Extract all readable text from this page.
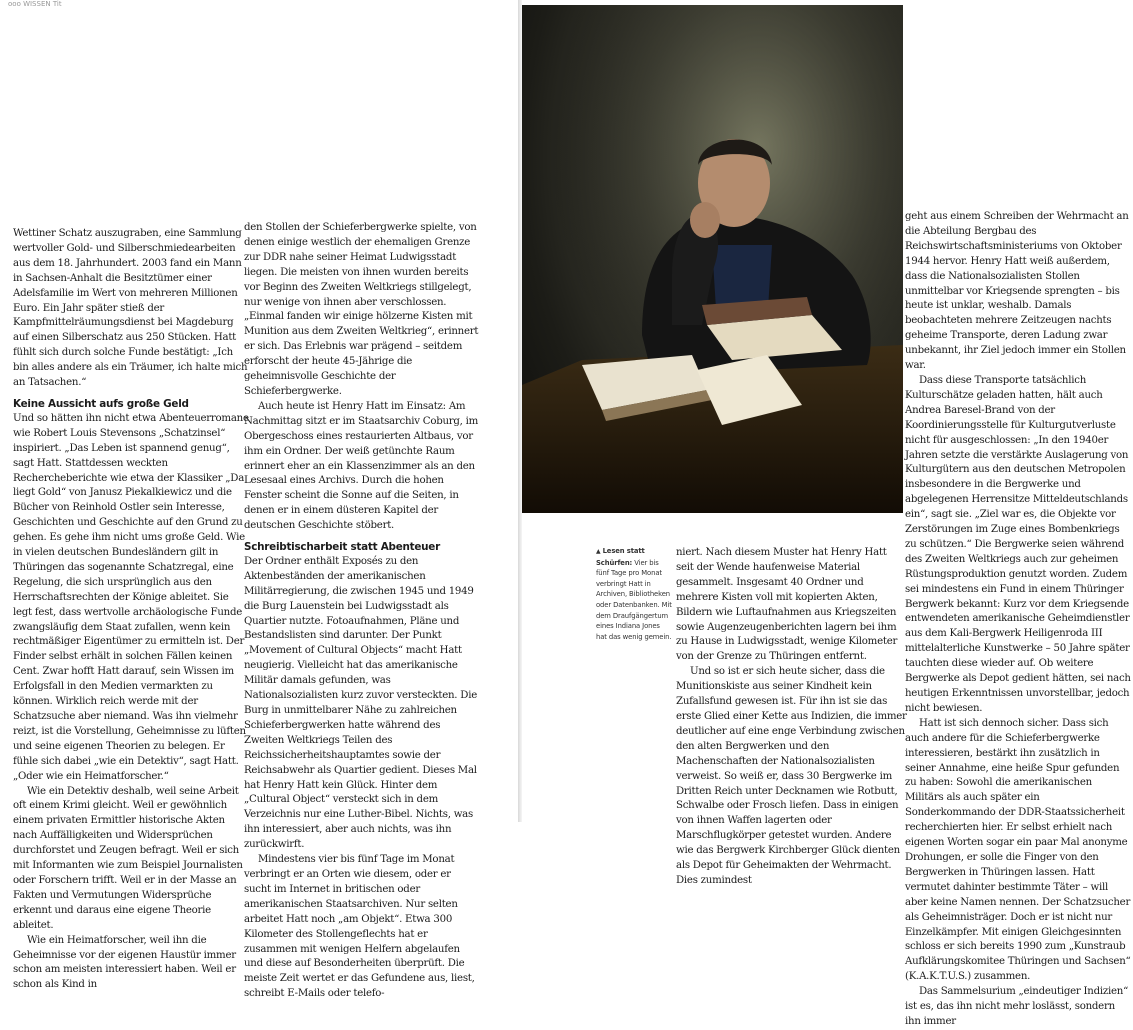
ooo WISSEN Tit

Wettiner Schatz auszugraben, eine Sammlung wertvoller Gold- und Silberschmiedearbeiten aus dem 18. Jahrhundert. 2003 fand ein Mann in Sachsen-Anhalt die Besitztümer einer Adelsfamilie im Wert von mehreren Millionen Euro. Ein Jahr später stieß der Kampfmittelräumungsdienst bei Magdeburg auf einen Silberschatz aus 250 Stücken. Hatt fühlt sich durch solche Funde bestätigt: „Ich bin alles andere als ein Träumer, ich halte mich an Tatsachen.“

Keine Aussicht aufs große Geld

Und so hätten ihn nicht etwa Abenteuerromane wie Robert Louis Stevensons „Schatzinsel“ inspiriert. „Das Leben ist spannend genug“, sagt Hatt. Stattdessen weckten Rechercheberichte wie etwa der Klassiker „Da liegt Gold“ von Janusz Piekalkiewicz und die Bücher von Reinhold Ostler sein Interesse, Geschichten und Geschichte auf den Grund zu gehen. Es gehe ihm nicht ums große Geld. Wie in vielen deutschen Bundesländern gilt in Thüringen das sogenannte Schatzregal, eine Regelung, die sich ursprünglich aus den Herrschaftsrechten der Könige ableitet. Sie legt fest, dass wertvolle archäologische Funde zwangsläufig dem Staat zufallen, wenn kein rechtmäßiger Eigentümer zu ermitteln ist. Der Finder selbst erhält in solchen Fällen keinen Cent. Zwar hofft Hatt darauf, sein Wissen im Erfolgsfall in den Medien vermarkten zu können. Wirklich reich werde mit der Schatzsuche aber niemand. Was ihn vielmehr reizt, ist die Vorstellung, Geheimnisse zu lüften und seine eigenen Theorien zu belegen. Er fühle sich dabei „wie ein Detektiv“, sagt Hatt. „Oder wie ein Heimatforscher.“

Wie ein Detektiv deshalb, weil seine Arbeit oft einem Krimi gleicht. Weil er gewöhnlich einem privaten Ermittler historische Akten nach Auffälligkeiten und Widersprüchen durchforstet und Zeugen befragt. Weil er sich mit Informanten wie zum Beispiel Journalisten oder Forschern trifft. Weil er in der Masse an Fakten und Vermutungen Widersprüche erkennt und daraus eine eigene Theorie ableitet.

Wie ein Heimatforscher, weil ihn die Geheimnisse vor der eigenen Haustür immer schon am meisten interessiert haben. Weil er schon als Kind in

den Stollen der Schieferbergwerke spielte, von denen einige westlich der ehemaligen Grenze zur DDR nahe seiner Heimat Ludwigsstadt liegen. Die meisten von ihnen wurden bereits vor Beginn des Zweiten Weltkriegs stillgelegt, nur wenige von ihnen aber verschlossen. „Einmal fanden wir einige hölzerne Kisten mit Munition aus dem Zweiten Weltkrieg“, erinnert er sich. Das Erlebnis war prägend – seitdem erforscht der heute 45-Jährige die geheimnisvolle Geschichte der Schieferbergwerke.

Auch heute ist Henry Hatt im Einsatz: Am Nachmittag sitzt er im Staatsarchiv Coburg, im Obergeschoss eines restaurierten Altbaus, vor ihm ein Ordner. Der weiß getünchte Raum erinnert eher an ein Klassenzimmer als an den Lesesaal eines Archivs. Durch die hohen Fenster scheint die Sonne auf die Seiten, in denen er in einem düsteren Kapitel der deutschen Geschichte stöbert.

Schreibtischarbeit statt Abenteuer

Der Ordner enthält Exposés zu den Aktenbeständen der amerikanischen Militärregierung, die zwischen 1945 und 1949 die Burg Lauenstein bei Ludwigsstadt als Quartier nutzte. Fotoaufnahmen, Pläne und Bestandslisten sind darunter. Der Punkt „Movement of Cultural Objects“ macht Hatt neugierig. Vielleicht hat das amerikanische Militär damals gefunden, was Nationalsozialisten kurz zuvor versteckten. Die Burg in unmittelbarer Nähe zu zahlreichen Schieferbergwerken hatte während des Zweiten Weltkriegs Teilen des Reichssicherheitshauptamtes sowie der Reichsabwehr als Quartier gedient. Dieses Mal hat Henry Hatt kein Glück. Hinter dem „Cultural Object“ versteckt sich in dem Verzeichnis nur eine Luther-Bibel. Nichts, was ihn interessiert, aber auch nichts, was ihn zurückwirft.

Mindestens vier bis fünf Tage im Monat verbringt er an Orten wie diesem, oder er sucht im Internet in britischen oder amerikanischen Staatsarchiven. Nur selten arbeitet Hatt noch „am Objekt“. Etwa 300 Kilometer des Stollengeflechts hat er zusammen mit wenigen Helfern abgelaufen und diese auf Besonderheiten überprüft. Die meiste Zeit wertet er das Gefundene aus, liest, schreibt E-Mails oder telefo-

▲ Lesen statt Schürfen: Vier bis fünf Tage pro Monat verbringt Hatt in Archiven, Bibliotheken oder Datenbanken. Mit dem Draufgängertum eines Indiana Jones hat das wenig gemein.

niert. Nach diesem Muster hat Henry Hatt seit der Wende haufenweise Material gesammelt. Insgesamt 40 Ordner und mehrere Kisten voll mit kopierten Akten, Bildern wie Luftaufnahmen aus Kriegszeiten sowie Augenzeugenberichten lagern bei ihm zu Hause in Ludwigsstadt, wenige Kilometer von der Grenze zu Thüringen entfernt.

Und so ist er sich heute sicher, dass die Munitionskiste aus seiner Kindheit kein Zufallsfund gewesen ist. Für ihn ist sie das erste Glied einer Kette aus Indizien, die immer deutlicher auf eine enge Verbindung zwischen den alten Bergwerken und den Machenschaften der Nationalsozialisten verweist. So weiß er, dass 30 Bergwerke im Dritten Reich unter Decknamen wie Rotbutt, Schwalbe oder Frosch liefen. Dass in einigen von ihnen Waffen lagerten oder Marschflugkörper getestet wurden. Andere wie das Bergwerk Kirchberger Glück dienten als Depot für Geheimakten der Wehrmacht. Dies zumindest

geht aus einem Schreiben der Wehrmacht an die Abteilung Bergbau des Reichswirtschaftsministeriums von Oktober 1944 hervor. Henry Hatt weiß außerdem, dass die Nationalsozialisten Stollen unmittelbar vor Kriegsende sprengten – bis heute ist unklar, weshalb. Damals beobachteten mehrere Zeitzeugen nachts geheime Transporte, deren Ladung zwar unbekannt, ihr Ziel jedoch immer ein Stollen war.

Dass diese Transporte tatsächlich Kulturschätze geladen hatten, hält auch Andrea Baresel-Brand von der Koordinierungsstelle für Kulturgutverluste nicht für ausgeschlossen: „In den 1940er Jahren setzte die verstärkte Auslagerung von Kulturgütern aus den deutschen Metropolen insbesondere in die Bergwerke und abgelegenen Herrensitze Mitteldeutschlands ein“, sagt sie. „Ziel war es, die Objekte vor Zerstörungen im Zuge eines Bombenkriegs zu schützen.“ Die Bergwerke seien während des Zweiten Weltkriegs auch zur geheimen Rüstungsproduktion genutzt worden. Zudem sei mindestens ein Fund in einem Thüringer Bergwerk bekannt: Kurz vor dem Kriegsende entwendeten amerikanische Geheimdienstler aus dem Kali-Bergwerk Heiligenroda III mittelalterliche Kunstwerke – 50 Jahre später tauchten diese wieder auf. Ob weitere Bergwerke als Depot gedient hätten, sei nach heutigen Erkenntnissen unvorstellbar, jedoch nicht bewiesen.

Hatt ist sich dennoch sicher. Dass sich auch andere für die Schieferbergwerke interessieren, bestärkt ihn zusätzlich in seiner Annahme, eine heiße Spur gefunden zu haben: Sowohl die amerikanischen Militärs als auch später ein Sonderkommando der DDR-Staatssicherheit recherchierten hier. Er selbst erhielt nach eigenen Worten sogar ein paar Mal anonyme Drohungen, er solle die Finger von den Bergwerken in Thüringen lassen. Hatt vermutet dahinter bestimmte Täter – will aber keine Namen nennen. Der Schatzsucher als Geheimnisträger. Doch er ist nicht nur Einzelkämpfer. Mit einigen Gleichgesinnten schloss er sich bereits 1990 zum „Kunstraub Aufklärungskomitee Thüringen und Sachsen“ (K.A.K.T.U.S.) zusammen.

Das Sammelsurium „eindeutiger Indizien“ ist es, das ihn nicht mehr loslässt, sondern ihn immer
